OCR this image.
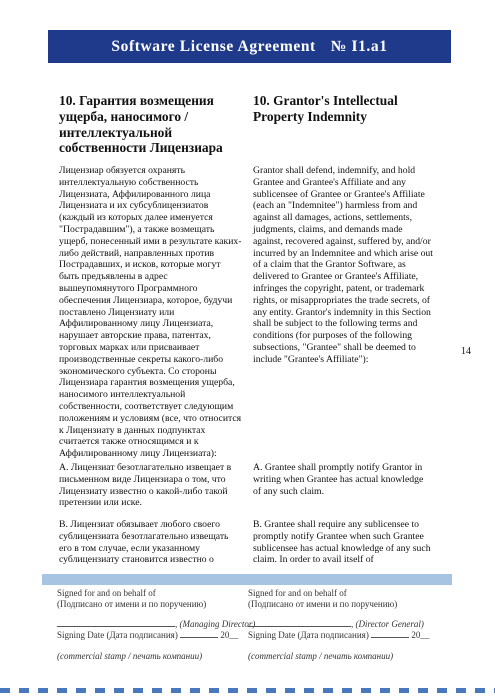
Software License Agreement № I1.a1
10. Гарантия возмещения ущерба, наносимого / интеллектуальной собственности Лицензиара
10. Grantor's Intellectual Property Indemnity
Лицензиар обязуется охранять интеллектуальную собственность Лицензиата, Аффилированного лица Лицензиата и их субсублицензиатов (каждый из которых далее именуется "Пострадавшим"), а также возмещать ущерб, понесенный ими в результате каких-либо действий, направленных против Пострадавших, и исков, которые могут быть предъявлены в адрес вышеупомянутого Программного обеспечения Лицензиара, которое, будучи поставлено Лицензиату или Аффилированному лицу Лицензиата, нарушает авторские права, патентах, торговых марках или присваивает производственные секреты какого-либо экономического субъекта. Со стороны Лицензиара гарантия возмещения ущерба, наносимого интеллектуальной собственности, соответствует следующим положениям и условиям (все, что относится к Лицензиату в данных подпунктах считается также относящимся и к Аффилированному лицу Лицензиата):
A. Лицензиат безотлагательно извещает в письменном виде Лицензиара о том, что Лицензиату известно о какой-либо такой претензии или иске.
B. Лицензиат обязывает любого своего сублицензиата безотлагательно извещать его в том случае, если указанному сублицензиату становится известно о
Grantor shall defend, indemnify, and hold Grantee and Grantee's Affiliate and any sublicensee of Grantee or Grantee's Affiliate (each an "Indemnitee") harmless from and against all damages, actions, settlements, judgments, claims, and demands made against, recovered against, suffered by, and/or incurred by an Indemnitee and which arise out of a claim that the Grantor Software, as delivered to Grantee or Grantee's Affiliate, infringes the copyright, patent, or trademark rights, or misappropriates the trade secrets, of any entity. Grantor's indemnity in this Section shall be subject to the following terms and conditions (for purposes of the following subsections, "Grantee" shall be deemed to include "Grantee's Affiliate"):
A. Grantee shall promptly notify Grantor in writing when Grantee has actual knowledge of any such claim.
B. Grantee shall require any sublicensee to promptly notify Grantee when such Grantee sublicensee has actual knowledge of any such claim. In order to avail itself of
14
Signed for and on behalf of
(Подписано от имени и по поручению)
, (Managing Director)
Signing Date (Дата подписания)	20__
(commercial stamp / печать компании)
Signed for and on behalf of
(Подписано от имени и по поручению)
, (Director General)
Signing Date (Дата подписания)	20__
(commercial stamp / печать компании)
